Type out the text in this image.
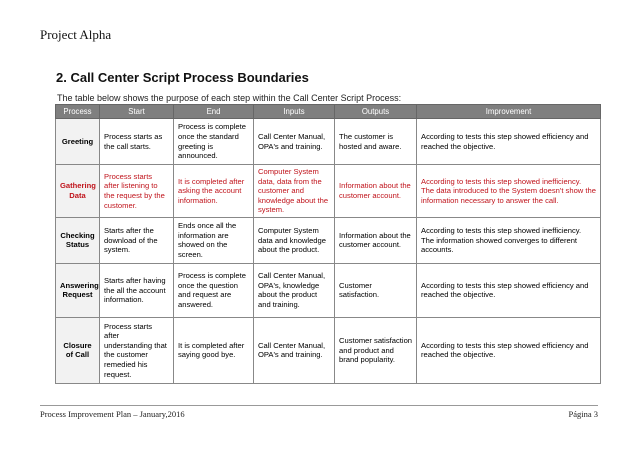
Project Alpha
2. Call Center Script Process Boundaries
The table below shows the purpose of each step within the Call Center Script Process:
Process	Start	End	Inputs	Outputs	Improvement
Greeting	Process starts as the call starts.	Process is complete once the standard greeting is announced.	Call Center Manual, OPA's and training.	The customer is hosted and aware.	According to tests this step showed efficiency and reached the objective.
Gathering Data	Process starts after listening to the request by the customer.	It is completed after asking the account information.	Computer System data, data from the customer and knowledge about the system.	Information about the customer account.	According to tests this step showed inefficiency. The data introduced to the System doesn't show the information necessary to answer the call.
Checking Status	Starts after the download of the system.	Ends once all the information are showed on the screen.	Computer System data and knowledge about the product.	Information about the customer account.	According to tests this step showed inefficiency. The information showed converges to different accounts.
Answering Request	Starts after having the all the account information.	Process is complete once the question and request are answered.	Call Center Manual, OPA's, knowledge about the product and training.	Customer satisfaction.	According to tests this step showed efficiency and reached the objective.
Closure of Call	Process starts after understanding that the customer remedied his request.	It is completed after saying good bye.	Call Center Manual, OPA's and training.	Customer satisfaction and product and brand popularity.	According to tests this step showed efficiency and reached the objective.
Process Improvement Plan – January,2016	Página 3
